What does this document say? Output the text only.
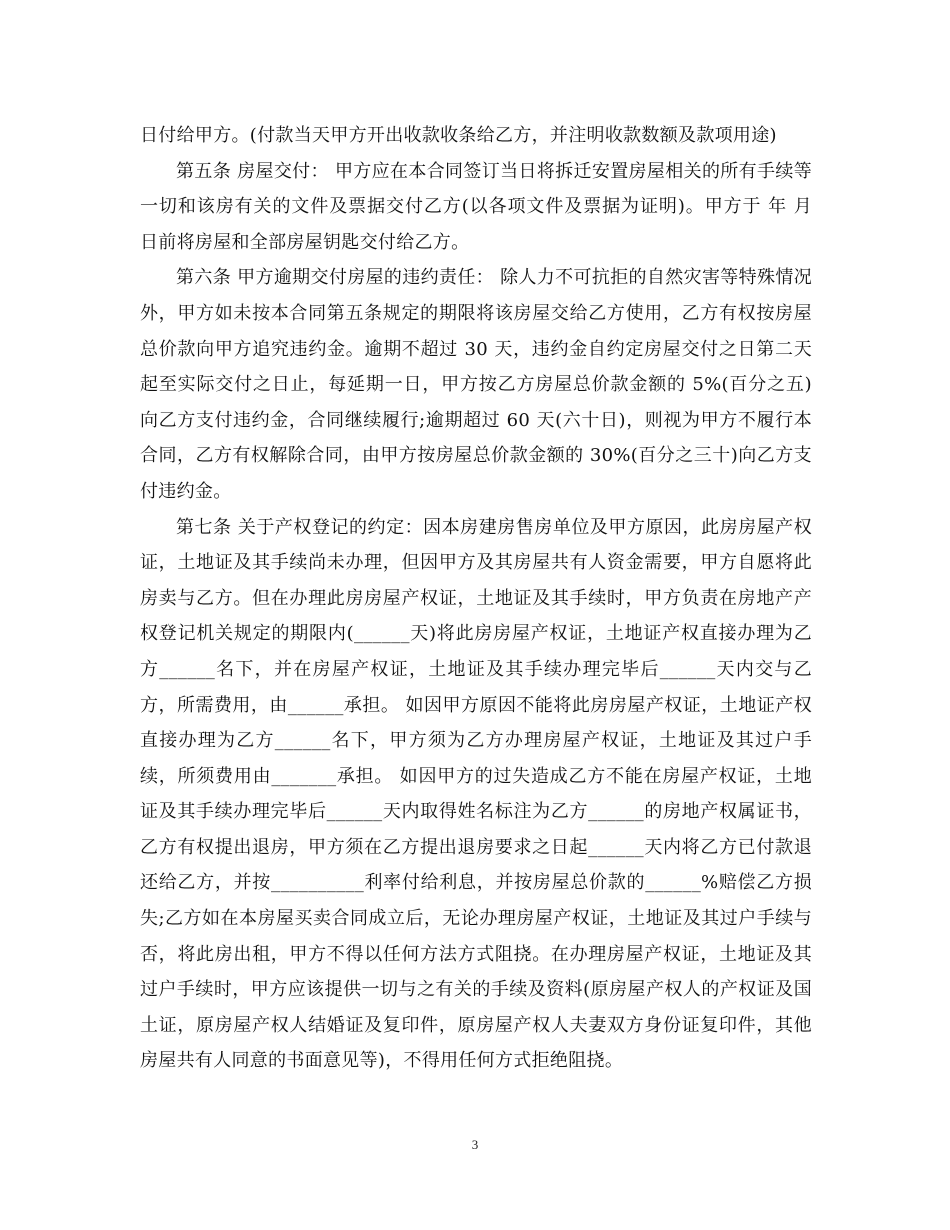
日付给甲方。(付款当天甲方开出收款收条给乙方，并注明收款数额及款项用途)

第五条 房屋交付： 甲方应在本合同签订当日将拆迁安置房屋相关的所有手续等一切和该房有关的文件及票据交付乙方(以各项文件及票据为证明)。甲方于 年 月 日前将房屋和全部房屋钥匙交付给乙方。

第六条 甲方逾期交付房屋的违约责任： 除人力不可抗拒的自然灾害等特殊情况外，甲方如未按本合同第五条规定的期限将该房屋交给乙方使用，乙方有权按房屋总价款向甲方追究违约金。逾期不超过 30 天，违约金自约定房屋交付之日第二天起至实际交付之日止，每延期一日，甲方按乙方房屋总价款金额的 5%(百分之五)向乙方支付违约金，合同继续履行;逾期超过 60 天(六十日)，则视为甲方不履行本合同，乙方有权解除合同，由甲方按房屋总价款金额的 30%(百分之三十)向乙方支付违约金。

第七条 关于产权登记的约定：因本房建房售房单位及甲方原因，此房房屋产权证，土地证及其手续尚未办理，但因甲方及其房屋共有人资金需要，甲方自愿将此房卖与乙方。但在办理此房房屋产权证，土地证及其手续时，甲方负责在房地产产权登记机关规定的期限内(______天)将此房房屋产权证，土地证产权直接办理为乙方______名下，并在房屋产权证，土地证及其手续办理完毕后______天内交与乙方，所需费用，由______承担。 如因甲方原因不能将此房房屋产权证，土地证产权直接办理为乙方______名下，甲方须为乙方办理房屋产权证，土地证及其过户手续，所须费用由_______承担。 如因甲方的过失造成乙方不能在房屋产权证，土地证及其手续办理完毕后______天内取得姓名标注为乙方______的房地产权属证书，乙方有权提出退房，甲方须在乙方提出退房要求之日起______天内将乙方已付款退还给乙方，并按__________利率付给利息，并按房屋总价款的______%赔偿乙方损失;乙方如在本房屋买卖合同成立后，无论办理房屋产权证，土地证及其过户手续与否，将此房出租，甲方不得以任何方法方式阻挠。在办理房屋产权证，土地证及其过户手续时，甲方应该提供一切与之有关的手续及资料(原房屋产权人的产权证及国土证，原房屋产权人结婚证及复印件，原房屋产权人夫妻双方身份证复印件，其他房屋共有人同意的书面意见等)，不得用任何方式拒绝阻挠。

3
